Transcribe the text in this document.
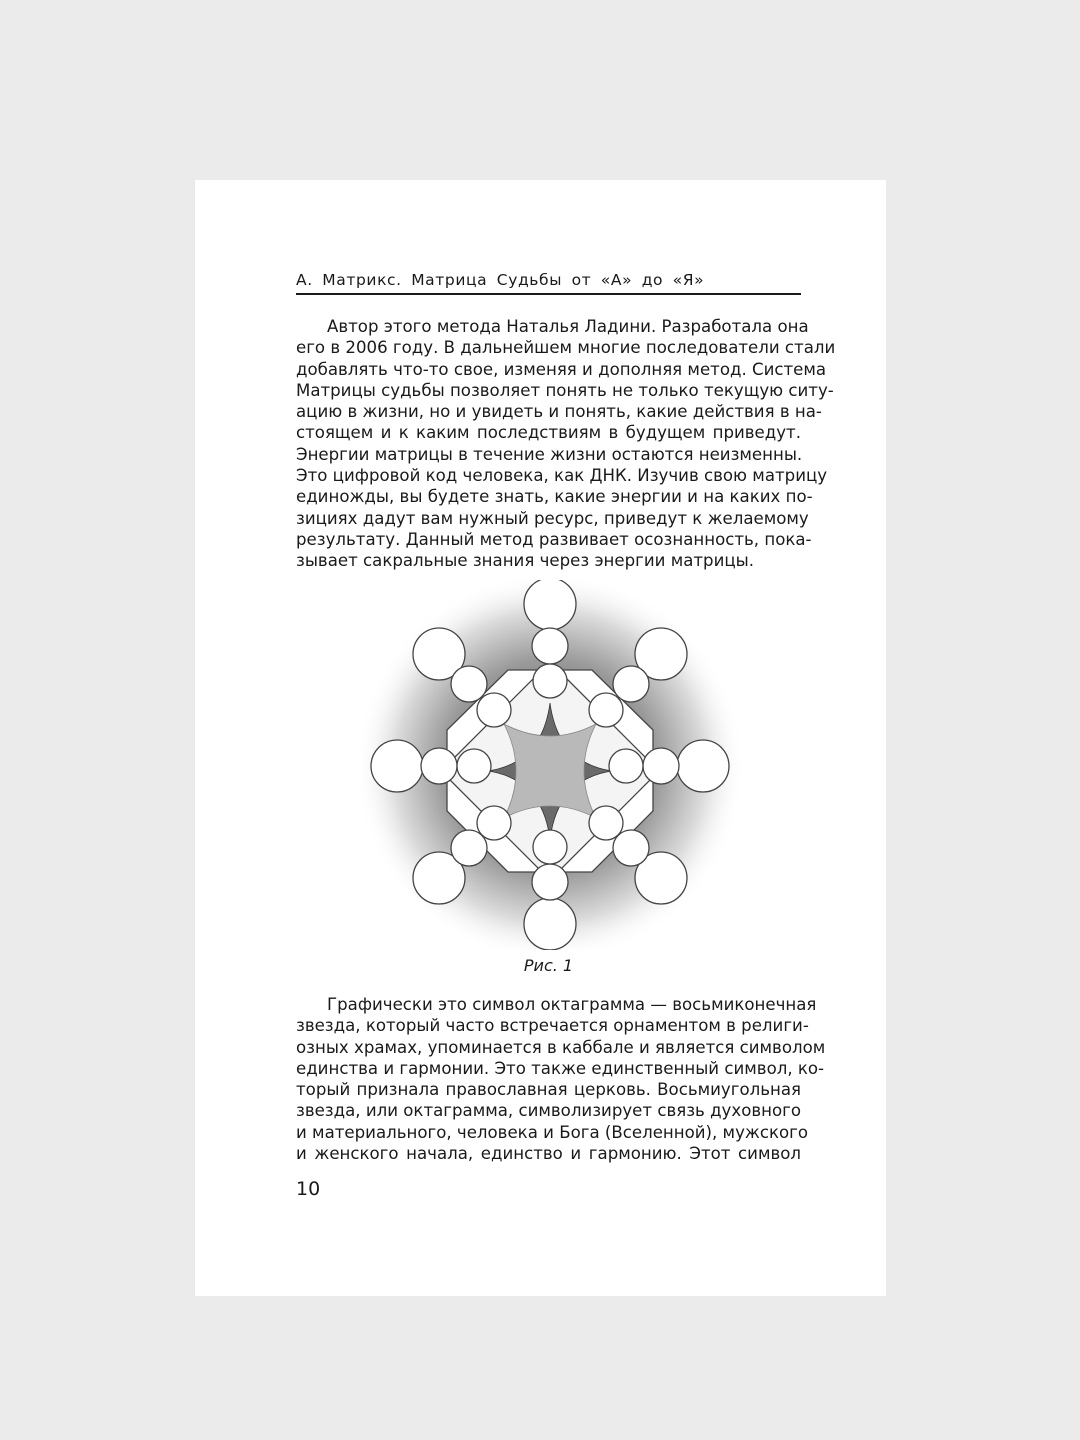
А. Матрикс. Матрица Судьбы от «А» до «Я»

Автор этого метода Наталья Ладини. Разработала она
его в 2006 году. В дальнейшем многие последователи стали
добавлять что-то свое, изменяя и дополняя метод. Система
Матрицы судьбы позволяет понять не только текущую ситу-
ацию в жизни, но и увидеть и понять, какие действия в на-
стоящем и к каким последствиям в будущем приведут.
Энергии матрицы в течение жизни остаются неизменны.
Это цифровой код человека, как ДНК. Изучив свою матрицу
единожды, вы будете знать, какие энергии и на каких по-
зициях дадут вам нужный ресурс, приведут к желаемому
результату. Данный метод развивает осознанность, пока-
зывает сакральные знания через энергии матрицы.

Рис. 1

Графически это символ октаграмма — восьмиконечная
звезда, который часто встречается орнаментом в религи-
озных храмах, упоминается в каббале и является символом
единства и гармонии. Это также единственный символ, ко-
торый признала православная церковь. Восьмиугольная
звезда, или октаграмма, символизирует связь духовного
и материального, человека и Бога (Вселенной), мужского
и женского начала, единство и гармонию. Этот символ

10
